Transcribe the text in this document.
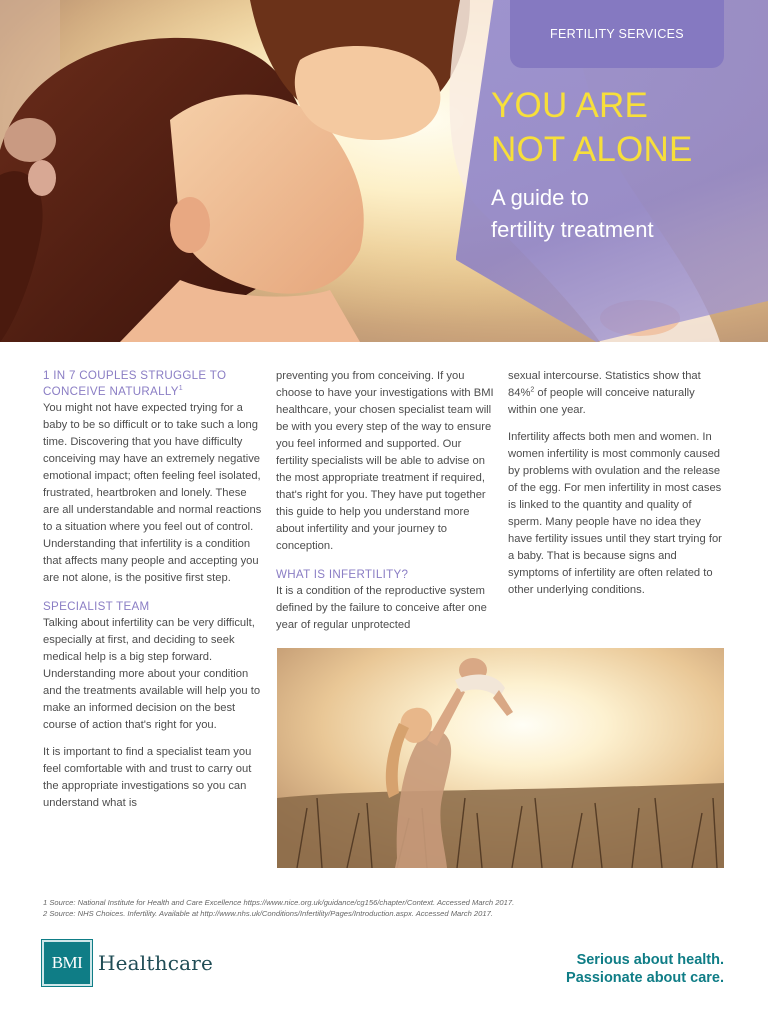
FERTILITY SERVICES
YOU ARE
NOT ALONE
A guide to
fertility treatment
1 IN 7 COUPLES STRUGGLE TO CONCEIVE NATURALLY$^1$

You might not have expected trying for a baby to be so difficult or to take such a long time. Discovering that you have difficulty conceiving may have an extremely negative emotional impact; often feeling feel isolated, frustrated, heartbroken and lonely. These are all understandable and normal reactions to a situation where you feel out of control. Understanding that infertility is a condition that affects many people and accepting you are not alone, is the positive first step.

SPECIALIST TEAM

Talking about infertility can be very difficult, especially at first, and deciding to seek medical help is a big step forward. Understanding more about your condition and the treatments available will help you to make an informed decision on the best course of action that's right for you.

It is important to find a specialist team you feel comfortable with and trust to carry out the appropriate investigations so you can understand what is

preventing you from conceiving. If you choose to have your investigations with BMI healthcare, your chosen specialist team will be with you every step of the way to ensure you feel informed and supported. Our fertility specialists will be able to advise on the most appropriate treatment if required, that's right for you. They have put together this guide to help you understand more about infertility and your journey to conception.

WHAT IS INFERTILITY?

It is a condition of the reproductive system defined by the failure to conceive after one year of regular unprotected

sexual intercourse. Statistics show that 84%$^2$ of people will conceive naturally within one year.

Infertility affects both men and women. In women infertility is most commonly caused by problems with ovulation and the release of the egg. For men infertility in most cases is linked to the quantity and quality of sperm. Many people have no idea they have fertility issues until they start trying for a baby. That is because signs and symptoms of infertility are often related to other underlying conditions.

1 Source: National Institute for Health and Care Excellence https://www.nice.org.uk/guidance/cg156/chapter/Context. Accessed March 2017.
2 Source: NHS Choices. Infertility. Available at http://www.nhs.uk/Conditions/Infertility/Pages/Introduction.aspx. Accessed March 2017.
BMI Healthcare	Serious about health.
Passionate about care.
